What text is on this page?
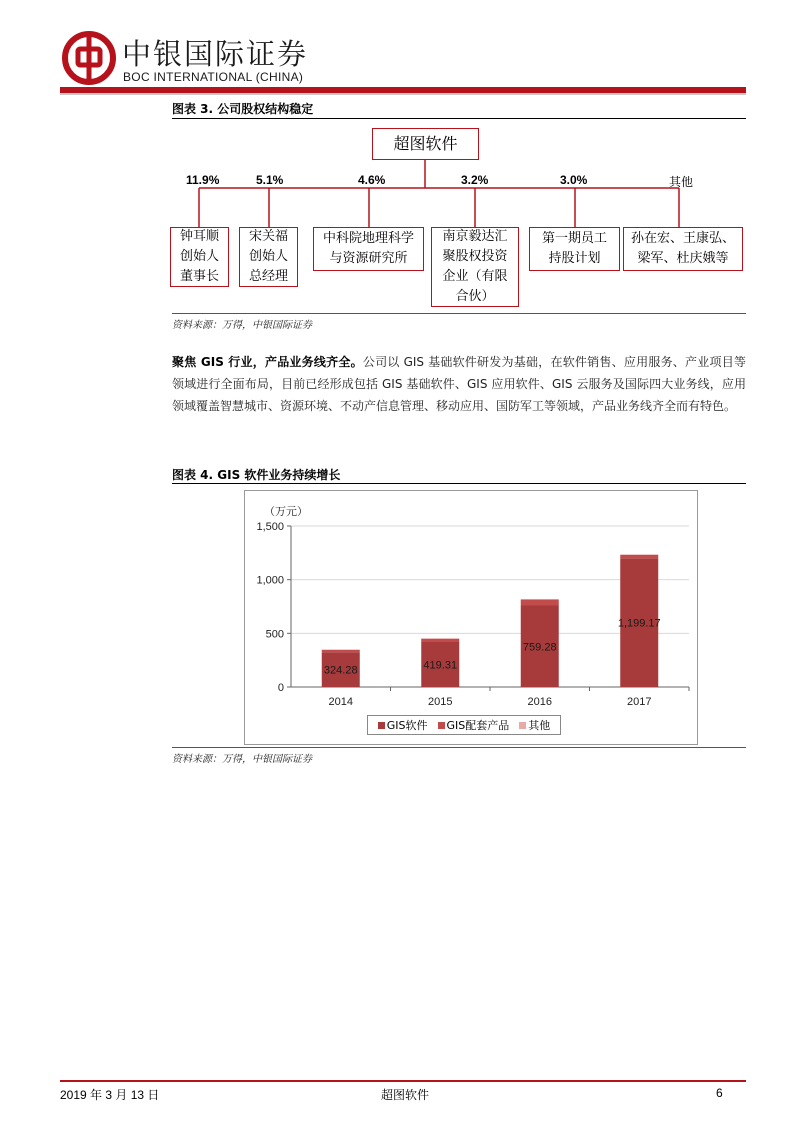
中银国际证券
BOC INTERNATIONAL (CHINA)
图表 3. 公司股权结构稳定
超图软件
11.9%	5.1%	4.6%	3.2%	3.0%	其他
钟耳顺创始人董事长
宋关福创始人总经理
中科院地理科学与资源研究所
南京毅达汇聚股权投资企业（有限合伙）
第一期员工持股计划
孙在宏、王康弘、梁军、杜庆娥等
资料来源：万得，中银国际证券
聚焦 GIS 行业，产品业务线齐全。公司以 GIS 基础软件研发为基础，在软件销售、应用服务、产业项目等领域进行全面布局，目前已经形成包括 GIS 基础软件、GIS 应用软件、GIS 云服务及国际四大业务线，应用领域覆盖智慧城市、资源环境、不动产信息管理、移动应用、国防军工等领域，产品业务线齐全而有特色。
图表 4. GIS 软件业务持续增长
（万元）
0
500
1,000
1,500
324.28
2014
419.31
2015
759.28
2016
1,199.17
2017
GIS软件 GIS配套产品 其他
资料来源：万得，中银国际证券
2019 年 3 月 13 日	超图软件	6
